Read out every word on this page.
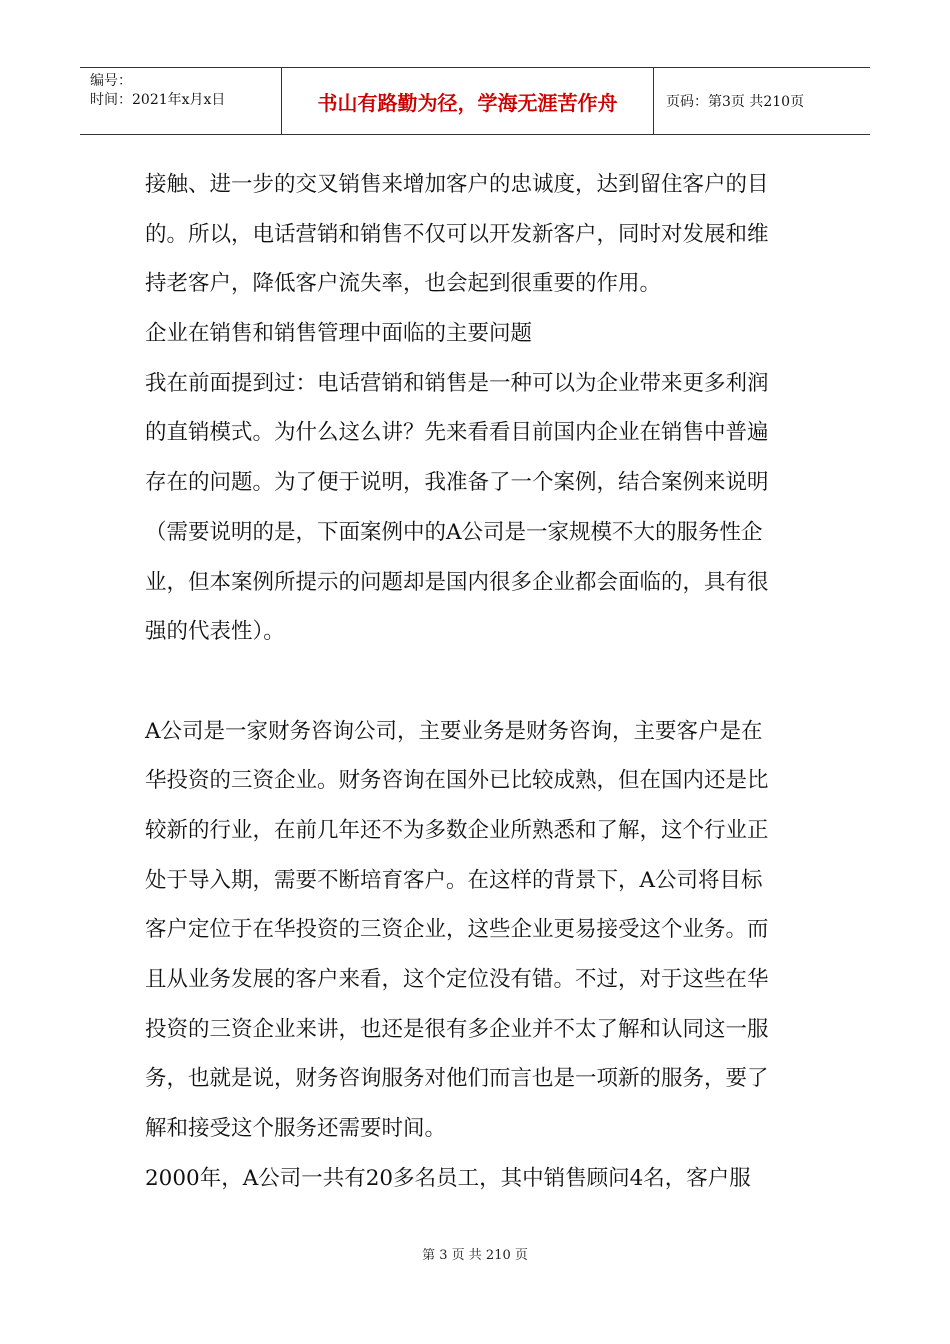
编号：
时间：2021年x月x日	书山有路勤为径，学海无涯苦作舟	页码：第3页 共210页
接触、进一步的交叉销售来增加客户的忠诚度，达到留住客户的目
的。所以，电话营销和销售不仅可以开发新客户，同时对发展和维
持老客户，降低客户流失率，也会起到很重要的作用。
企业在销售和销售管理中面临的主要问题
我在前面提到过：电话营销和销售是一种可以为企业带来更多利润
的直销模式。为什么这么讲？先来看看目前国内企业在销售中普遍
存在的问题。为了便于说明，我准备了一个案例，结合案例来说明
（需要说明的是，下面案例中的A公司是一家规模不大的服务性企
业，但本案例所提示的问题却是国内很多企业都会面临的，具有很
强的代表性）。
A公司是一家财务咨询公司，主要业务是财务咨询，主要客户是在
华投资的三资企业。财务咨询在国外已比较成熟，但在国内还是比
较新的行业，在前几年还不为多数企业所熟悉和了解，这个行业正
处于导入期，需要不断培育客户。在这样的背景下，A公司将目标
客户定位于在华投资的三资企业，这些企业更易接受这个业务。而
且从业务发展的客户来看，这个定位没有错。不过，对于这些在华
投资的三资企业来讲，也还是很有多企业并不太了解和认同这一服
务，也就是说，财务咨询服务对他们而言也是一项新的服务，要了
解和接受这个服务还需要时间。
2000年，A公司一共有20多名员工，其中销售顾问4名，客户服
第 3 页 共 210 页
